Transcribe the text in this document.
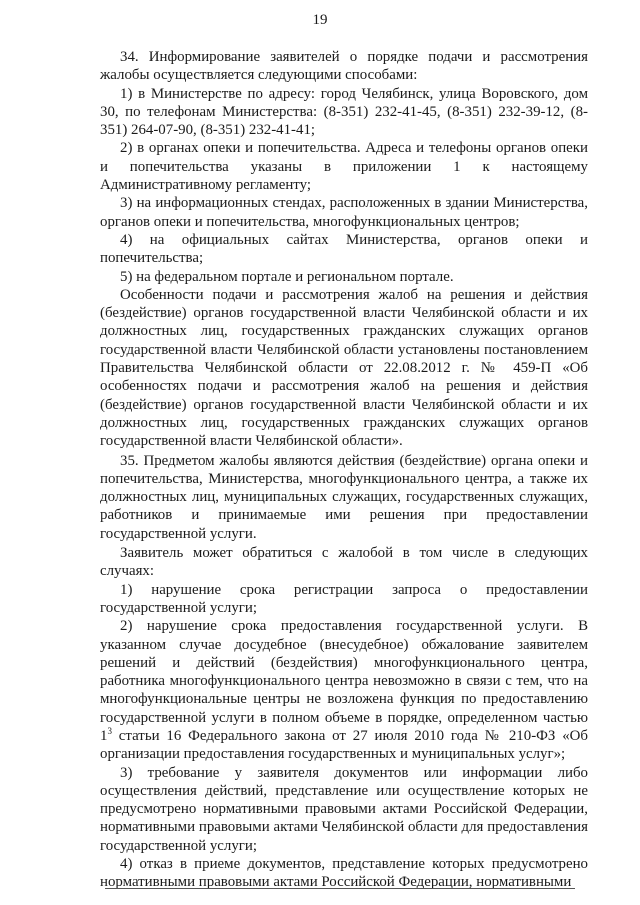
19

34. Информирование заявителей о порядке подачи и рассмотрения жалобы осуществляется следующими способами:

1) в Министерстве по адресу: город Челябинск, улица Воровского, дом 30, по телефонам Министерства: (8-351) 232-41-45, (8-351) 232-39-12, (8-351) 264-07-90, (8-351) 232-41-41;

2) в органах опеки и попечительства. Адреса и телефоны органов опеки и попечительства указаны в приложении 1 к настоящему Административному регламенту;

3) на информационных стендах, расположенных в здании Министерства, органов опеки и попечительства, многофункциональных центров;

4) на официальных сайтах Министерства, органов опеки и попечительства;

5) на федеральном портале и региональном портале.

Особенности подачи и рассмотрения жалоб на решения и действия (бездействие) органов государственной власти Челябинской области и их должностных лиц, государственных гражданских служащих органов государственной власти Челябинской области установлены постановлением Правительства Челябинской области от 22.08.2012 г. № 459-П «Об особенностях подачи и рассмотрения жалоб на решения и действия (бездействие) органов государственной власти Челябинской области и их должностных лиц, государственных гражданских служащих органов государственной власти Челябинской области».

35. Предметом жалобы являются действия (бездействие) органа опеки и попечительства, Министерства, многофункционального центра, а также их должностных лиц, муниципальных служащих, государственных служащих, работников и принимаемые ими решения при предоставлении государственной услуги.

Заявитель может обратиться с жалобой в том числе в следующих случаях:

1) нарушение срока регистрации запроса о предоставлении государственной услуги;

2) нарушение срока предоставления государственной услуги. В указанном случае досудебное (внесудебное) обжалование заявителем решений и действий (бездействия) многофункционального центра, работника многофункционального центра невозможно в связи с тем, что на многофункциональные центры не возложена функция по предоставлению государственной услуги в полном объеме в порядке, определенном частью $1^3$ статьи 16 Федерального закона от 27 июля 2010 года № 210-ФЗ «Об организации предоставления государственных и муниципальных услуг»;

3) требование у заявителя документов или информации либо осуществления действий, представление или осуществление которых не предусмотрено нормативными правовыми актами Российской Федерации, нормативными правовыми актами Челябинской области для предоставления государственной услуги;

4) отказ в приеме документов, представление которых предусмотрено нормативными правовыми актами Российской Федерации, нормативными
